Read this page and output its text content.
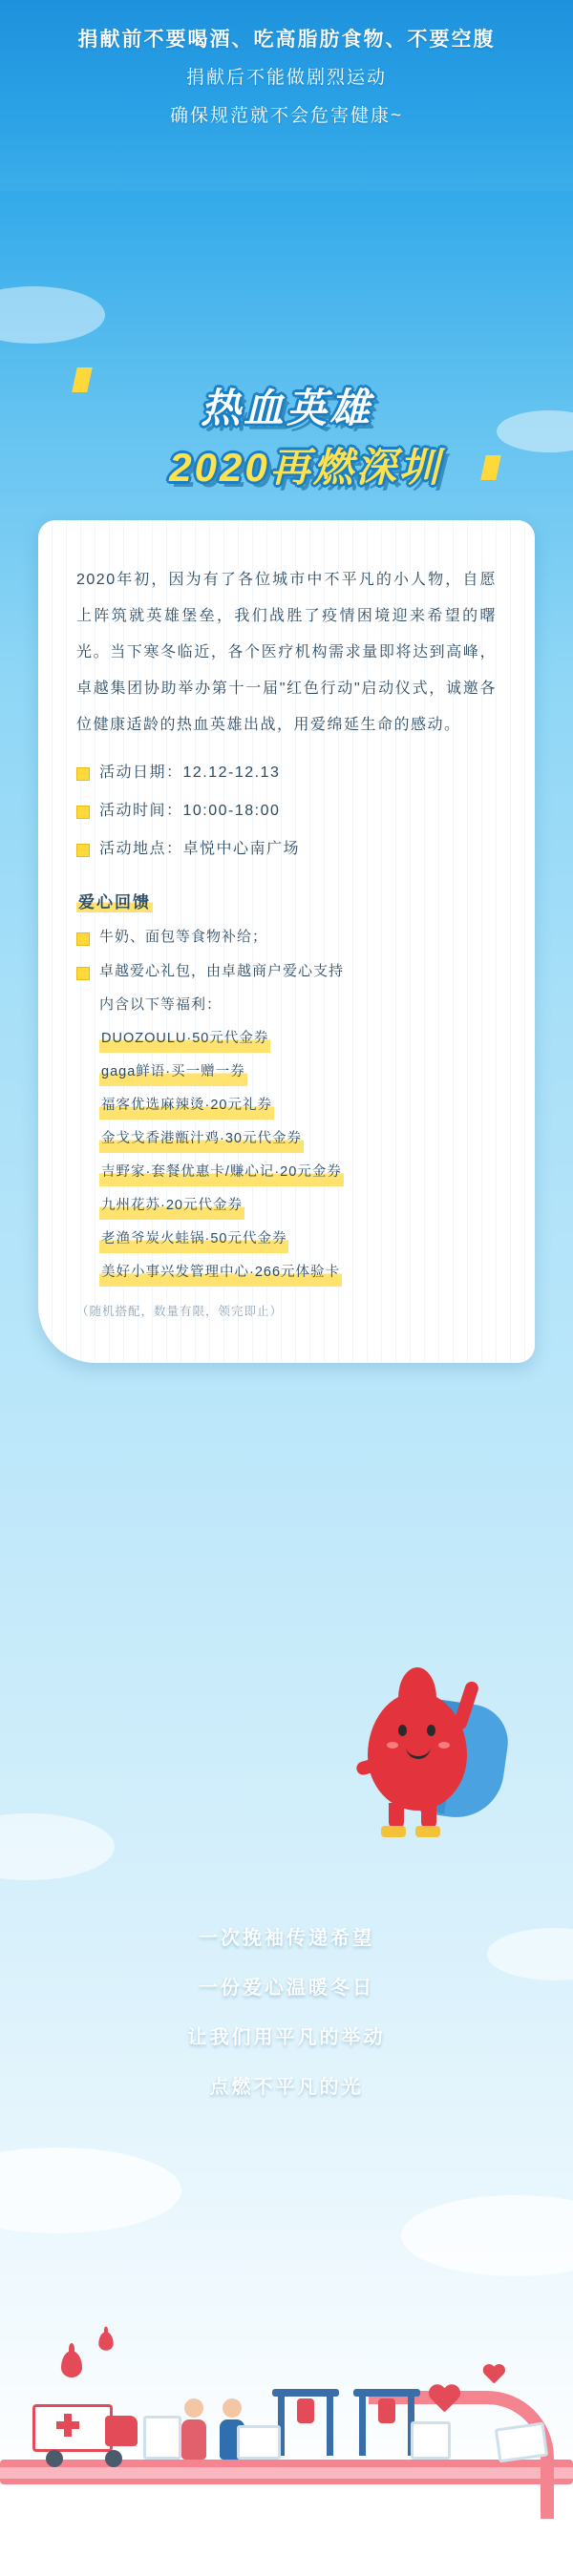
捐献前不要喝酒、吃高脂肪食物、不要空腹
捐献后不能做剧烈运动
确保规范就不会危害健康~
热血英雄
2020再燃深圳

2020年初，因为有了各位城市中不平凡的小人物，自愿上阵筑就英雄堡垒，我们战胜了疫情困境迎来希望的曙光。当下寒冬临近，各个医疗机构需求量即将达到高峰，卓越集团协助举办第十一届"红色行动"启动仪式，诚邀各位健康适龄的热血英雄出战，用爱绵延生命的感动。

活动日期：12.12-12.13
活动时间：10:00-18:00
活动地点：卓悦中心南广场
爱心回馈
牛奶、面包等食物补给；
卓越爱心礼包，由卓越商户爱心支持
内含以下等福利：
DUOZOULU·50元代金券
gaga鲜语·买一赠一券
福客优选麻辣烫·20元礼券
金戈戈香港甑汁鸡·30元代金券
吉野家·套餐优惠卡/赚心记·20元金券
九州花苏·20元代金券
老渔爷炭火蛙锅·50元代金券
美好小事兴发管理中心·266元体验卡
（随机搭配，数量有限，领完即止）
一次挽袖传递希望
一份爱心温暖冬日
让我们用平凡的举动
点燃不平凡的光
